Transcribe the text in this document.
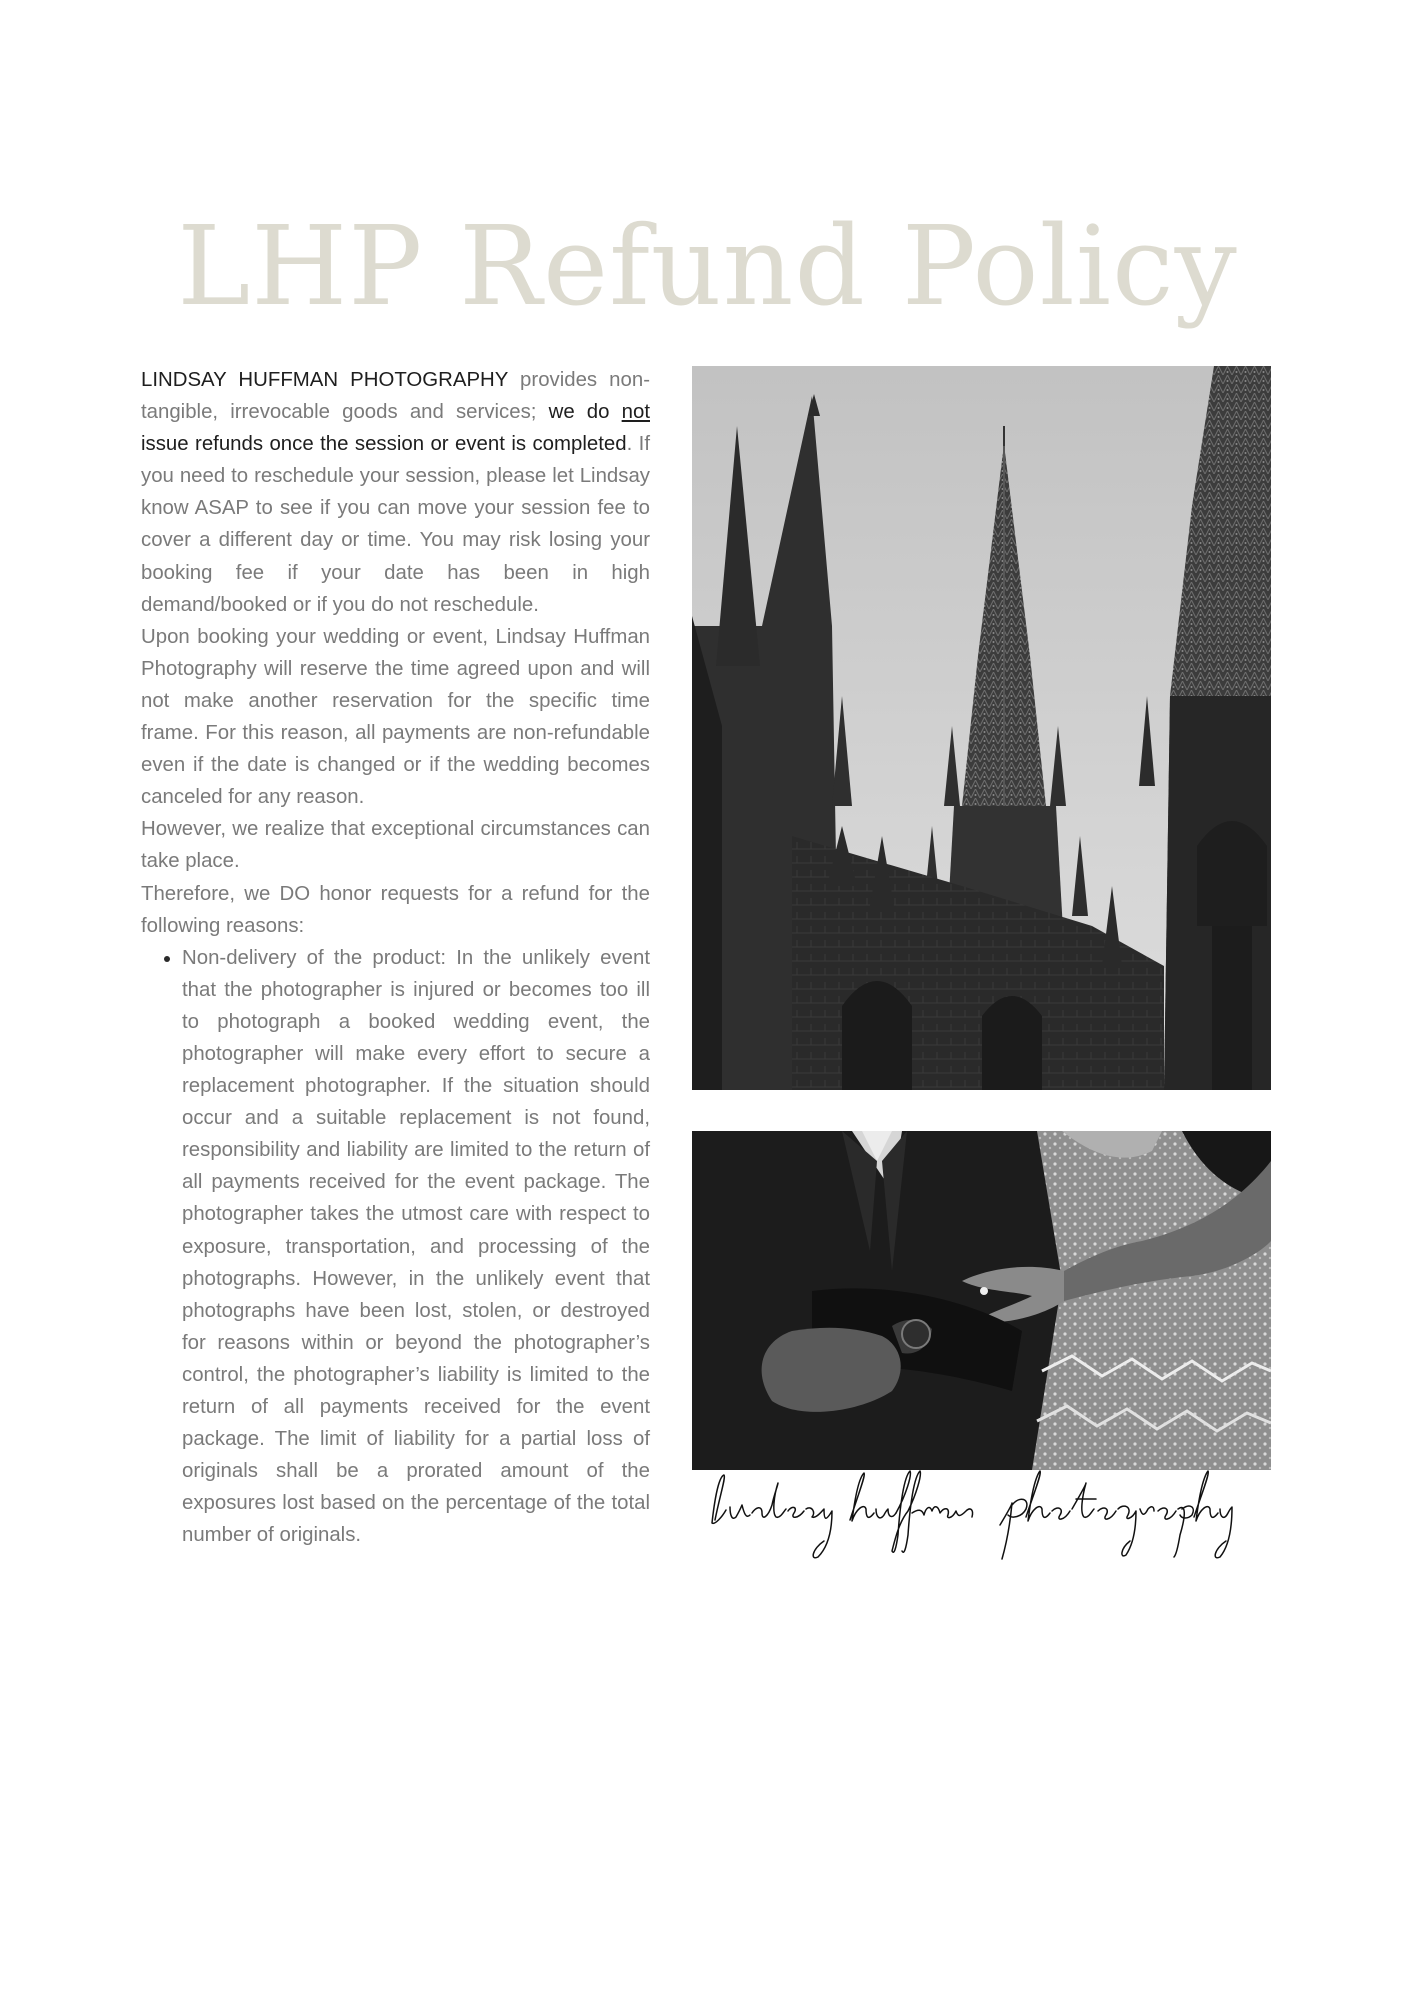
LHP Refund Policy

LINDSAY HUFFMAN PHOTOGRAPHY provides non-tangible, irrevocable goods and services; we do not issue refunds once the session or event is completed. If you need to reschedule your session, please let Lindsay know ASAP to see if you can move your session fee to cover a different day or time. You may risk losing your booking fee if your date has been in high demand/booked or if you do not reschedule.

Upon booking your wedding or event, Lindsay Huffman Photography will reserve the time agreed upon and will not make another reservation for the specific time frame. For this reason, all payments are non-refundable even if the date is changed or if the wedding becomes canceled for any reason.

However, we realize that exceptional circumstances can take place.

Therefore, we DO honor requests for a refund for the following reasons:

• Non-delivery of the product: In the unlikely event that the photographer is injured or becomes too ill to photograph a booked wedding event, the photographer will make every effort to secure a replacement photographer. If the situation should occur and a suitable replacement is not found, responsibility and liability are limited to the return of all payments received for the event package. The photographer takes the utmost care with respect to exposure, transportation, and processing of the photographs. However, in the unlikely event that photographs have been lost, stolen, or destroyed for reasons within or beyond the photographer’s control, the photographer’s liability is limited to the return of all payments received for the event package. The limit of liability for a partial loss of originals shall be a prorated amount of the exposures lost based on the percentage of the total number of originals.
